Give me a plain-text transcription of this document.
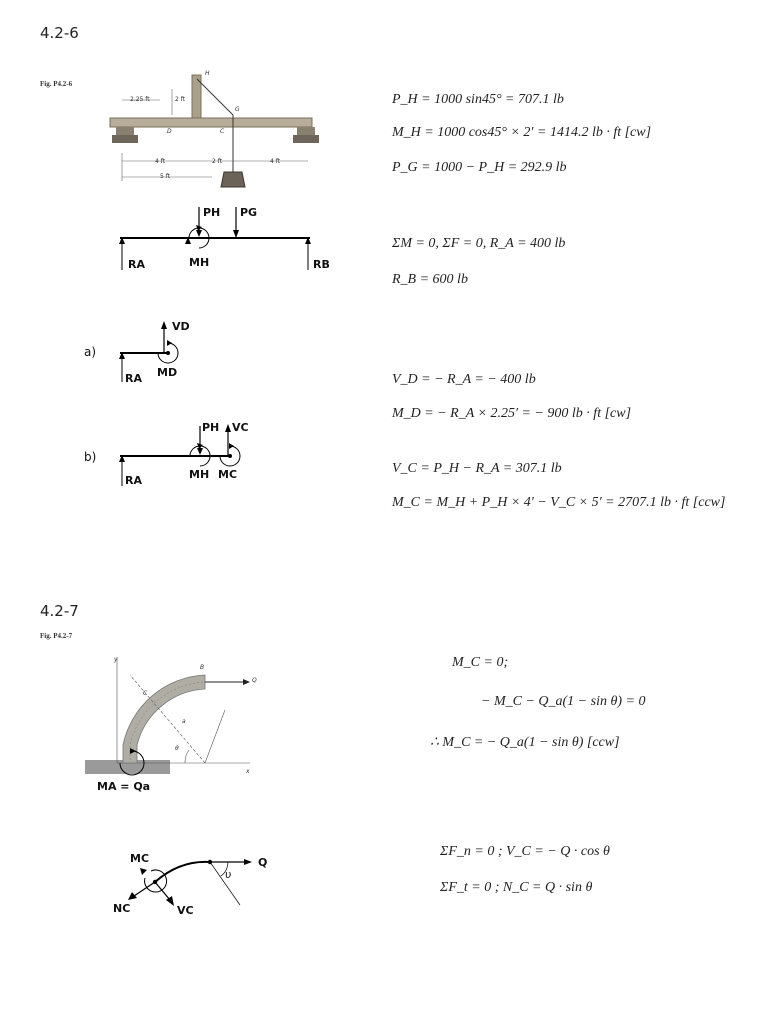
4.2-6
Fig. P4.2-6
2.25 ft	2 ft
4 ft	2 ft	4 ft
5 ft
H
G
D	C
PH PG
RA	MH	RB
a)
VD
RA MD
b)
PH VC
RA	MH MC
P_H = 1000 sin45° = 707.1 lb
M_H = 1000 cos45° × 2′ = 1414.2 lb · ft [cw]
P_G = 1000 − P_H = 292.9 lb
ΣM = 0, ΣF = 0, R_A = 400 lb
R_B = 600 lb
V_D = − R_A = − 400 lb
M_D = − R_A × 2.25′ = − 900 lb · ft [cw]
V_C = P_H − R_A = 307.1 lb
M_C = M_H + P_H × 4′ − V_C × 5′ = 2707.1 lb · ft [ccw]
4.2-7
Fig. P4.2-7
y
x
B
C
Q
a
θ
MA = Qa
MC	Q
υ
NC	VC
M_C = 0;
− M_C − Q_a(1 − sin θ) = 0
∴ M_C = − Q_a(1 − sin θ) [ccw]
ΣF_n = 0 ; V_C = − Q · cos θ
ΣF_t = 0 ; N_C = Q · sin θ
